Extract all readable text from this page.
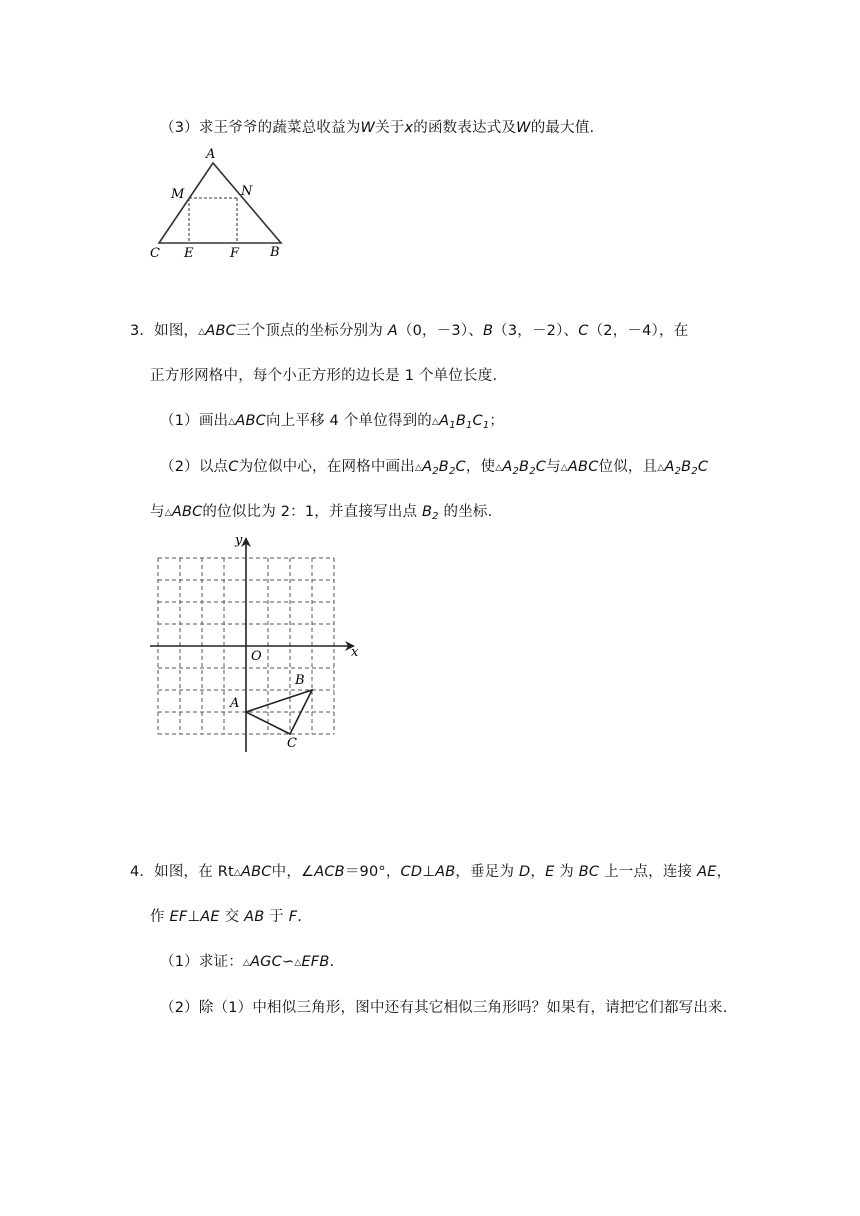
（3）求王爷爷的蔬菜总收益为W关于x的函数表达式及W的最大值.
A
M	N
C E	F B
3．如图，△ABC三个顶点的坐标分别为 A（0，－3）、B（3，－2）、C（2，－4），在
正方形网格中，每个小正方形的边长是 1 个单位长度.
（1）画出△ABC向上平移 4 个单位得到的$\triangle A_1B_1C_1$；
（2）以点C为位似中心，在网格中画出$\triangle A_2B_2C$，使$\triangle A_2B_2C$与△ABC位似，且$\triangle A_2B_2C$
与△ABC的位似比为 2：1，并直接写出点 $B_2$ 的坐标.
y
x
O
A
B
C
4．如图，在 Rt△ABC中，∠ACB＝90°，CD⊥AB，垂足为 D，E 为 BC 上一点，连接 AE，
作 EF⊥AE 交 AB 于 F.
（1）求证：△AGC∽△EFB.
（2）除（1）中相似三角形，图中还有其它相似三角形吗？如果有，请把它们都写出来.
